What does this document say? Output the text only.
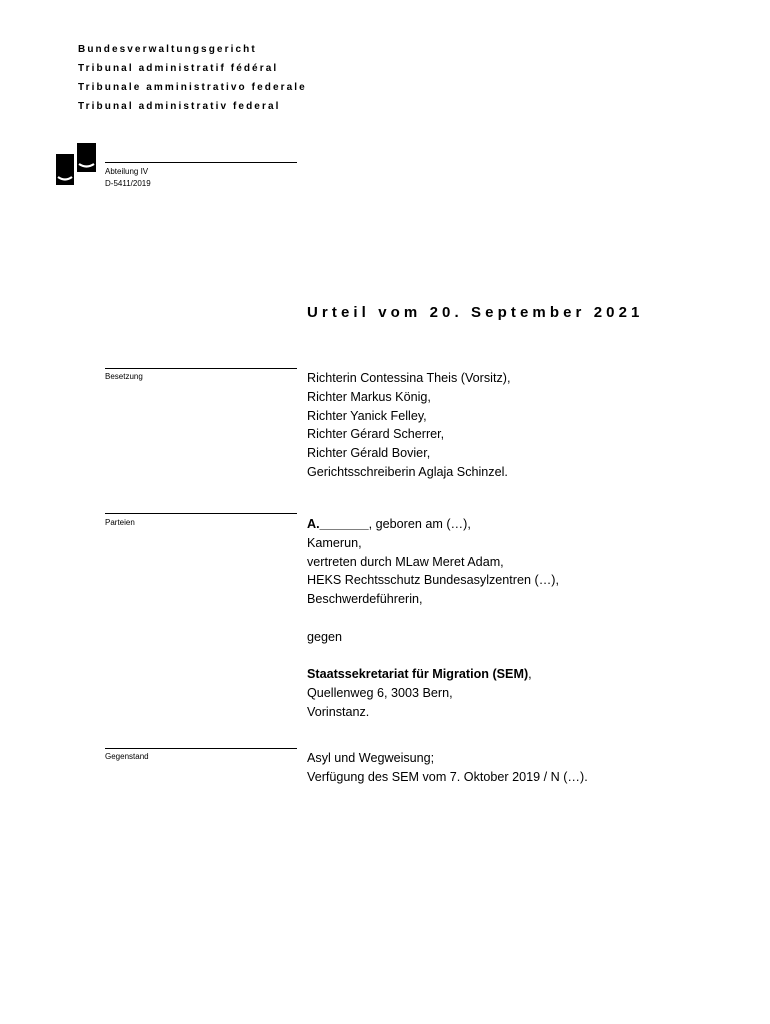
Bundesverwaltungsgericht
Tribunal administratif fédéral
Tribunale amministrativo federale
Tribunal administrativ federal
Abteilung IV
D-5411/2019
Urteil vom 20. September 2021
Besetzung	Richterin Contessina Theis (Vorsitz),
Richter Markus König,
Richter Yanick Felley,
Richter Gérard Scherrer,
Richter Gérald Bovier,
Gerichtsschreiberin Aglaja Schinzel.
Parteien	A._______, geboren am (…),
Kamerun,
vertreten durch MLaw Meret Adam,
HEKS Rechtsschutz Bundesasylzentren (…),
Beschwerdeführerin,
gegen
Staatssekretariat für Migration (SEM),
Quellenweg 6, 3003 Bern,
Vorinstanz.
Gegenstand	Asyl und Wegweisung;
Verfügung des SEM vom 7. Oktober 2019 / N (…).
